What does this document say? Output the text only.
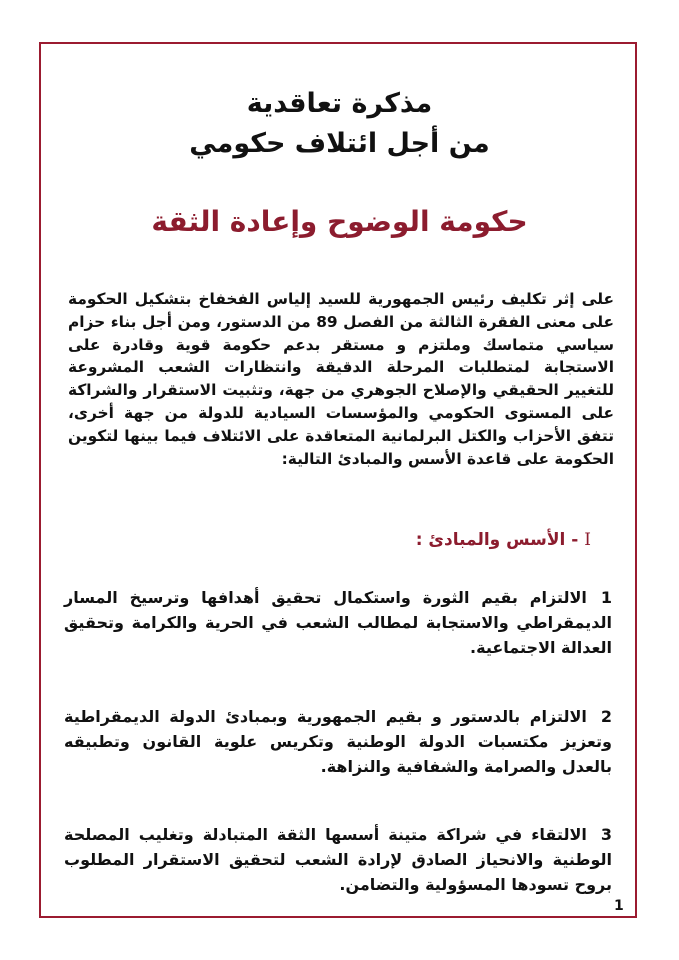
مذكرة تعاقدية
من أجل ائتلاف حكومي
حكومة الوضوح وإعادة الثقة
على إثر تكليف رئيس الجمهورية للسيد إلياس الفخفاخ بتشكيل الحكومة على معنى الفقرة الثالثة من الفصل 89 من الدستور، ومن أجل بناء حزام سياسي متماسك وملتزم و مستقر بدعم حكومة قوية وقادرة على الاستجابة لمتطلبات المرحلة الدقيقة وانتظارات الشعب المشروعة للتغيير الحقيقي والإصلاح الجوهري من جهة، وتثبيت الاستقرار والشراكة على المستوى الحكومي والمؤسسات السيادية للدولة من جهة أخرى، تتفق الأحزاب والكتل البرلمانية المتعاقدة على الائتلاف فيما بينها لتكوين الحكومة على قاعدة الأسس والمبادئ التالية:
I - الأسس والمبادئ :
1الالتزام بقيم الثورة واستكمال تحقيق أهدافها وترسيخ المسار الديمقراطي والاستجابة لمطالب الشعب في الحرية والكرامة وتحقيق العدالة الاجتماعية.
2الالتزام بالدستور و بقيم الجمهورية وبمبادئ الدولة الديمقراطية وتعزيز مكتسبات الدولة الوطنية وتكريس علوية القانون وتطبيقه بالعدل والصرامة والشفافية والنزاهة.
3الالتقاء في شراكة متينة أسسها الثقة المتبادلة وتغليب المصلحة الوطنية والانحياز الصادق لإرادة الشعب لتحقيق الاستقرار المطلوب بروح تسودها المسؤولية والتضامن.
1
